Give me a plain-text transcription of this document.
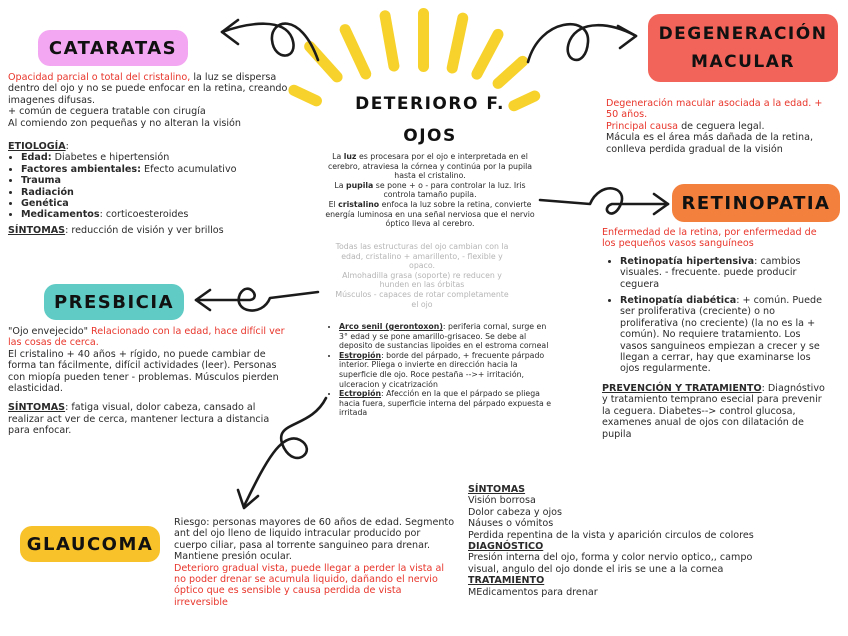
DETERIORO F.
OJOS
La luz es procesara por el ojo e interpretada en el cerebro, atraviesa la córnea y continúa por la pupila hasta el cristalino.
La pupila se pone + o - para controlar la luz. Iris controla tamaño pupila.
El cristalino enfoca la luz sobre la retina, convierte energía luminosa en una señal nerviosa que el nervio óptico lleva al cerebro.
Todas las estructuras del ojo cambian con la edad, cristalino + amarillento, - flexible y opaco.
Almohadilla grasa (soporte) re reducen y hunden en las órbitas
Músculos - capaces de rotar completamente el ojo
• Arco senil (gerontoxon): periferia cornal, surge en 3° edad y se pone amarillo-grisaceo. Se debe al deposito de sustancias lipoides en el estroma corneal
• Estropión: borde del párpado, + frecuente párpado interior. Pliega o invierte en dirección hacia la superficie dle ojo. Roce pestaña -->+ irritación, ulceracion y cicatrización
• Ectropión: Afección en la que el párpado se pliega hacia fuera, superficie interna del párpado expuesta e irritada
CATARATAS
Opacidad parcial o total del cristalino, la luz se dispersa dentro del ojo y no se puede enfocar en la retina, creando imagenes difusas.
+ común de ceguera tratable con cirugía
Al comiendo zon pequeñas y no alteran la visión
ETIOLOGÍA:
• Edad: Diabetes e hipertensión
• Factores ambientales: Efecto acumulativo
• Trauma
• Radiación
• Genética
• Medicamentos: corticoesteroides
SÍNTOMAS: reducción de visión y ver brillos
PRESBICIA
"Ojo envejecido" Relacionado con la edad, hace difícil ver las cosas de cerca.
El cristalino + 40 años + rígido, no puede cambiar de forma tan fácilmente, difícil actividades (leer). Personas con miopía pueden tener - problemas. Músculos pierden elasticidad.
SÍNTOMAS: fatiga visual, dolor cabeza, cansado al realizar act ver de cerca, mantener lectura a distancia para enfocar.
GLAUCOMA
Riesgo: personas mayores de 60 años de edad. Segmento ant del ojo lleno de liquido intracular producido por cuerpo ciliar, pasa al torrente sanguineo para drenar. Mantiene presión ocular.
Deterioro gradual vista, puede llegar a perder la vista al no poder drenar se acumula liquido, dañando el nervio óptico que es sensible y causa perdida de vista irreversible
SÍNTOMAS
Visión borrosa
Dolor cabeza y ojos
Náuses o vómitos
Perdida repentina de la vista y aparición circulos de colores
DIAGNÓSTICO
Presión interna del ojo, forma y color nervio optico,, campo visual, angulo del ojo donde el iris se une a la cornea
TRATAMIENTO
MEdicamentos para drenar
DEGENERACIÓN
MACULAR
Degeneración macular asociada a la edad. + 50 años.
Principal causa de ceguera legal.
Mácula es el área más dañada de la retina, conlleva perdida gradual de la visión
RETINOPATIA
Enfermedad de la retina, por enfermedad de los pequeños vasos sanguíneos
• Retinopatía hipertensiva: cambios visuales. - frecuente. puede producir ceguera
• Retinopatía diabética: + común. Puede ser proliferativa (creciente) o no proliferativa (no creciente) (la no es la + común). No requiere tratamiento. Los vasos sanguineos empiezan a crecer y se llegan a cerrar, hay que examinarse los ojos regularmente.
PREVENCIÓN Y TRATAMIENTO: Diagnóstivo y tratamiento temprano esecial para prevenir la ceguera. Diabetes--> control glucosa, examenes anual de ojos con dilatación de pupila
